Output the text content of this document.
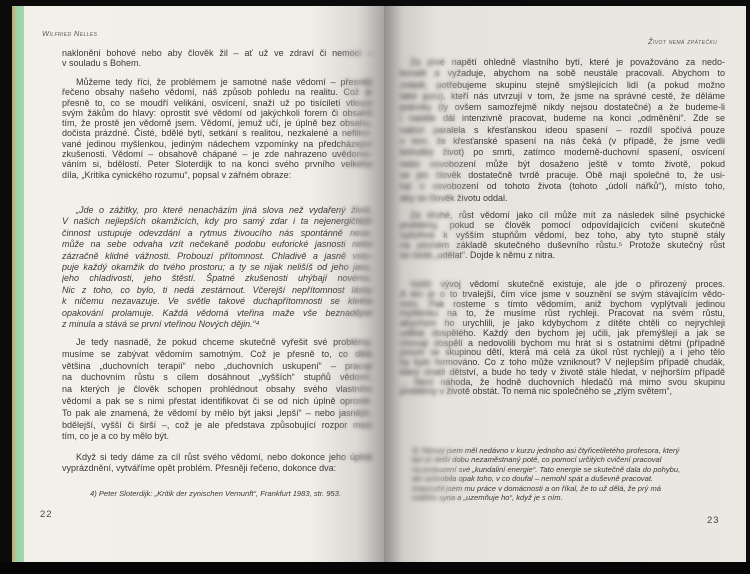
Wilfried Nelles
nakloněni bohové nebo aby člověk žil – ať už ve zdraví či nemoci –
v souladu s Bohem.
Můžeme tedy říci, že problémem je samotné naše vědomí – přesněji
řečeno obsahy našeho vědomí, náš způsob pohledu na realitu. Což je
přesně to, co se moudří velikáni, osvícení, snaží už po tisíciletí vtlouct
svým žákům do hlavy: oprostit své vědomí od jakýchkoli forem či obsahů
tím, že prostě jen vědomě jsem. Vědomí, jemuž učí, je úplně bez obsahu,
dočista prázdné. Čisté, bdělé bytí, setkání s realitou, nezkalené a nefiltro-
vané jedinou myšlenkou, jediným nádechem vzpomínky na předcházející
zkušenosti. Vědomí – obsahově chápané – je zde nahrazeno uvědomo-
váním si, bdělostí. Peter Sloterdijk to na konci svého prvního velkého
díla, „Kritika cynického rozumu“, popsal v zářném obraze:
„Jde o zážitky, pro které nenacházím jiná slova než vydařený život.
V našich nejlepších okamžicích, kdy pro samý zdar i ta nejenergičtější
činnost ustupuje odevzdání a rytmus živoucího nás spontánně nese,
může na sebe odvaha vzít nečekaně podobu euforické jasnosti nebo
zázračně klidné vážnosti. Probouzí přítomnost. Chladivě a jasně vstu-
puje každý okamžik do tvého prostoru; a ty se nijak nelišíš od jeho jasu,
jeho chladivosti, jeho štěstí. Špatné zkušenosti uhýbají novému.
Nic z toho, co bylo, ti nedá zestárnout. Včerejší nepřítomnost lásky
k ničemu nezavazuje. Ve světle takové duchapřítomnosti se kletba
opakování prolamuje. Každá vědomá vteřina maže vše beznadějné
z minula a stává se první vteřinou Nových dějin.“⁴
Je tedy nasnadě, že pokud chceme skutečně vyřešit své problémy,
musíme se zabývat vědomím samotným. Což je přesně to, co dělá
většina „duchovních terapií“ nebo „duchovních uskupení“ – pracují
na duchovním růstu s cílem dosáhnout „vyšších“ stupňů vědomí,
na kterých je člověk schopen prohlédnout obsahy svého vlastního
vědomí a pak se s nimi přestat identifikovat či se od nich úplně oprostit.
To pak ale znamená, že vědomí by mělo být jaksi „lepší“ – nebo jasnější,
bdělejší, vyšší či širší –, což je ale představa způsobující rozpor mezi
tím, co je a co by mělo být.
Když si tedy dáme za cíl růst svého vědomí, nebo dokonce jeho úplné
vyprázdnění, vytváříme opět problém. Přesněji řečeno, dokonce dva:
4) Peter Sloterdijk: „Kritik der zynischen Vernunft“, Frankfurt 1983, str. 953.
22
Život nemá zpátečku
Za prvé napětí ohledně vlastního bytí, které je považováno za nedo-
konalé a vyžaduje, abychom na sobě neustále pracovali. Abychom to
zvládli, potřebujeme skupinu stejně smýšlejících lidí (a pokud možno
také guru), kteří nás utvrzují v tom, že jsme na správné cestě, že děláme
pokroky (ty ovšem samozřejmě nikdy nejsou dostatečné) a že budeme-li
i nadále dál intenzivně pracovat, budeme na konci „odměněni“. Zde se
nabízí paralela s křesťanskou ideou spasení – rozdíl spočívá pouze
v tom, že křesťanské spasení na nás čeká (v případě, že jsme vedli
bohulibý život) po smrti, zatímco moderně-duchovní spasení, osvícení
nebo osvobození může být dosaženo ještě v tomto životě, pokud
se jen člověk dostatečně tvrdě pracuje. Obě mají společné to, že usi-
lují o osvobození od tohoto života (tohoto „údolí nářků“), místo toho,
aby se člověk životu oddal.
Za druhé, růst vědomí jako cíl může mít za následek silné psychické
problémy, pokud se člověk pomocí odpovídajících cvičení skutečně
vyšvihne k vyšším stupňům vědomí, bez toho, aby tyto stupně stály
na pevném základě skutečného duševního růstu.⁵ Protože skutečný růst
se nedá „udělat“. Dojde k němu z nitra.
Vyšší vývoj vědomí skutečně existuje, ale jde o přirozený proces.
A ten je o to trvalejší, čím více jsme v souznění se svým stávajícím vědo-
mím. Pak rosteme s tímto vědomím, aniž bychom vyplýtvali jedinou
myšlenku na to, že musíme růst rychleji. Pracovat na svém růstu,
abychom ho urychlili, je jako kdybychom z dítěte chtěli co nejrychleji
udělat dospělého. Každý den bychom jej učili, jak přemýšlejí a jak se
chovají dospělí a nedovolili bychom mu hrát si s ostatními dětmi (případně
pouze se skupinou dětí, která má celá za úkol růst rychleji) a i jeho tělo
by bylo formováno. Co z toho může vzniknout? V nejlepším případě chudák,
který ztratil dětství, a bude ho tedy v životě stále hledat, v nejhorším případě
... Není náhoda, že hodně duchovních hledačů má mimo svou skupinu
problémy v životě obstát. To nemá nic společného se „zlým světem“,
5) Takový jsem měl nedávno v kurzu jednoho asi čtyřicetiletého profesora, který
byl už delší dobu nezaměstnaný poté, co pomocí určitých cvičení pracoval
na probuzení své „kundaliní energie“. Tato energie se skutečně dala do pohybu,
ale způsobila opak toho, v co doufal – nemohl spát a duševně pracovat.
Doporučil jsem mu práce v domácnosti a on říkal, že to už dělá, že prý má
malého syna a „uzemňuje ho“, když je s ním.
23
